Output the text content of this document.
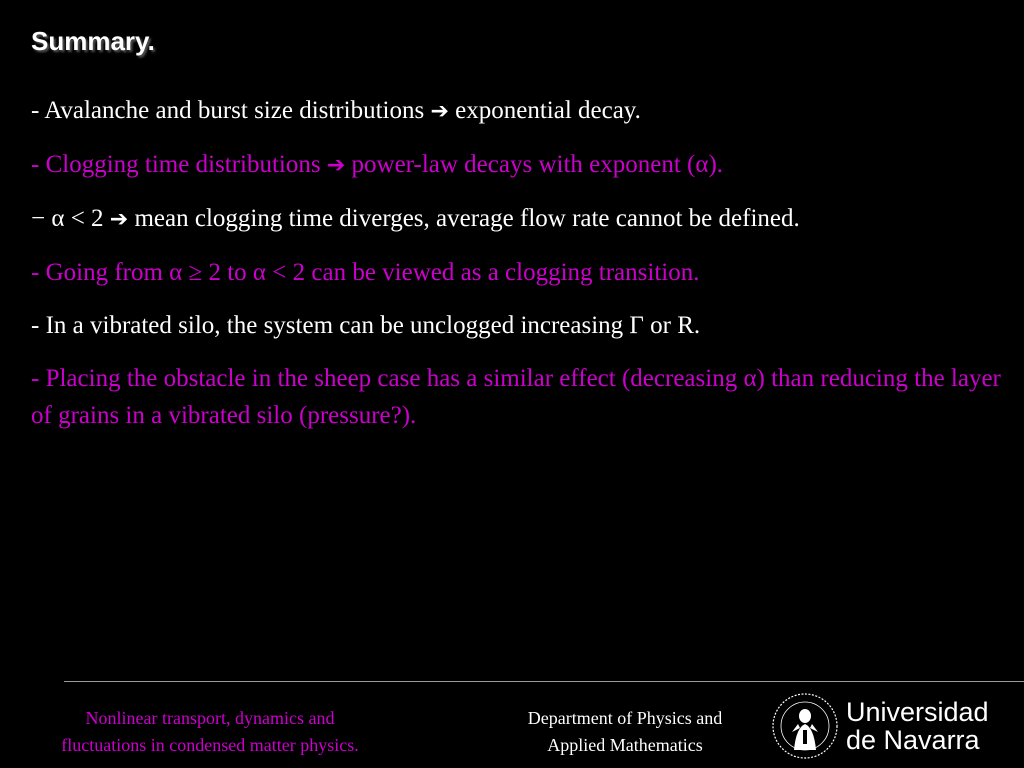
Summary.
- Avalanche and burst size distributions ➔ exponential decay.
- Clogging time distributions ➔ power-law decays with exponent (α).
− α < 2 ➔ mean clogging time diverges, average flow rate cannot be defined.
- Going from α ≥ 2 to α < 2 can be viewed as a clogging transition.
- In a vibrated silo, the system can be unclogged increasing Γ or R.
- Placing the obstacle in the sheep case has a similar effect (decreasing α) than reducing the layer of grains in a vibrated silo (pressure?).
Nonlinear transport, dynamics and
fluctuations in condensed matter physics.
Department of Physics and
Applied Mathematics
Universidad
de Navarra
